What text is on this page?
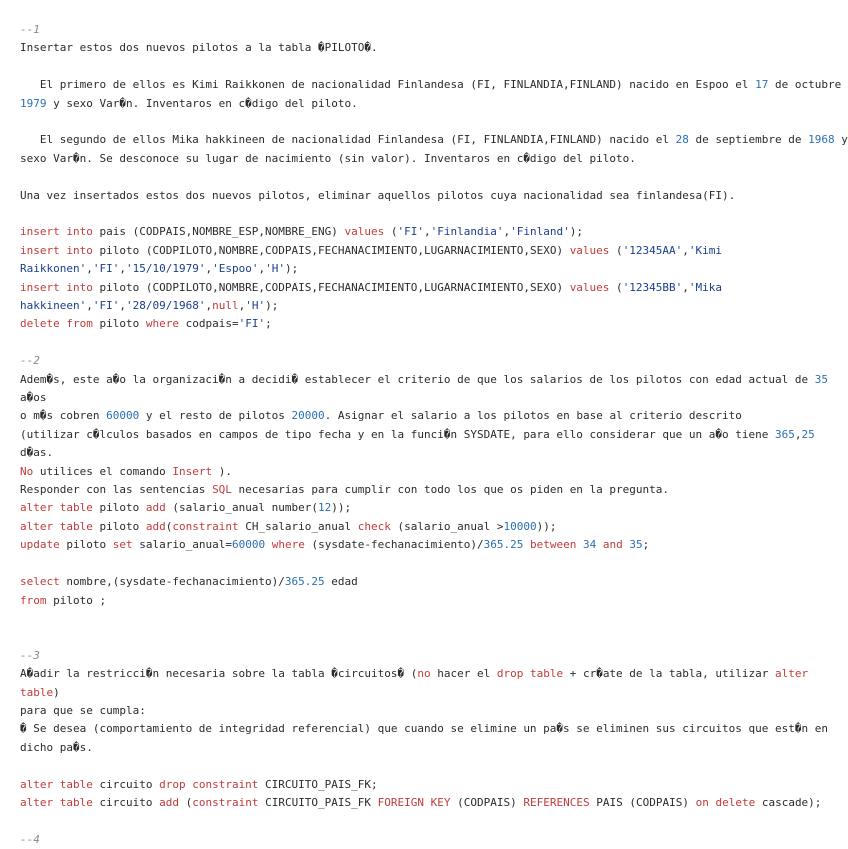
--1
Insertar estos dos nuevos pilotos a la tabla �PILOTO�.
El primero de ellos es Kimi Raikkonen de nacionalidad Finlandesa (FI, FINLANDIA,FINLAND) nacido en Espoo el 17 de octubre
1979 y sexo Var�n. Inventaros en c�digo del piloto.
El segundo de ellos Mika hakkineen de nacionalidad Finlandesa (FI, FINLANDIA,FINLAND) nacido el 28 de septiembre de 1968 y
sexo Var�n. Se desconoce su lugar de nacimiento (sin valor). Inventaros en c�digo del piloto.
Una vez insertados estos dos nuevos pilotos, eliminar aquellos pilotos cuya nacionalidad sea finlandesa(FI).
insert into pais (CODPAIS,NOMBRE_ESP,NOMBRE_ENG) values ('FI','Finlandia','Finland');
insert into piloto (CODPILOTO,NOMBRE,CODPAIS,FECHANACIMIENTO,LUGARNACIMIENTO,SEXO) values ('12345AA','Kimi
Raikkonen','FI','15/10/1979','Espoo','H');
insert into piloto (CODPILOTO,NOMBRE,CODPAIS,FECHANACIMIENTO,LUGARNACIMIENTO,SEXO) values ('12345BB','Mika
hakkineen','FI','28/09/1968',null,'H');
delete from piloto where codpais='FI';
--2
Adem�s, este a�o la organizaci�n a decidi� establecer el criterio de que los salarios de los pilotos con edad actual de 35
a�os
o m�s cobren 60000 y el resto de pilotos 20000. Asignar el salario a los pilotos en base al criterio descrito
(utilizar c�lculos basados en campos de tipo fecha y en la funci�n SYSDATE, para ello considerar que un a�o tiene 365,25
d�as.
No utilices el comando Insert ).
Responder con las sentencias SQL necesarias para cumplir con todo los que os piden en la pregunta.
alter table piloto add (salario_anual number(12));
alter table piloto add(constraint CH_salario_anual check (salario_anual >10000));
update piloto set salario_anual=60000 where (sysdate-fechanacimiento)/365.25 between 34 and 35;
select nombre,(sysdate-fechanacimiento)/365.25 edad
from piloto ;
--3
A�adir la restricci�n necesaria sobre la tabla �circuitos� (no hacer el drop table + cr�ate de la tabla, utilizar alter
table)
para que se cumpla:
� Se desea (comportamiento de integridad referencial) que cuando se elimine un pa�s se eliminen sus circuitos que est�n en
dicho pa�s.
alter table circuito drop constraint CIRCUITO_PAIS_FK;
alter table circuito add (constraint CIRCUITO_PAIS_FK FOREIGN KEY (CODPAIS) REFERENCES PAIS (CODPAIS) on delete cascade);
--4
